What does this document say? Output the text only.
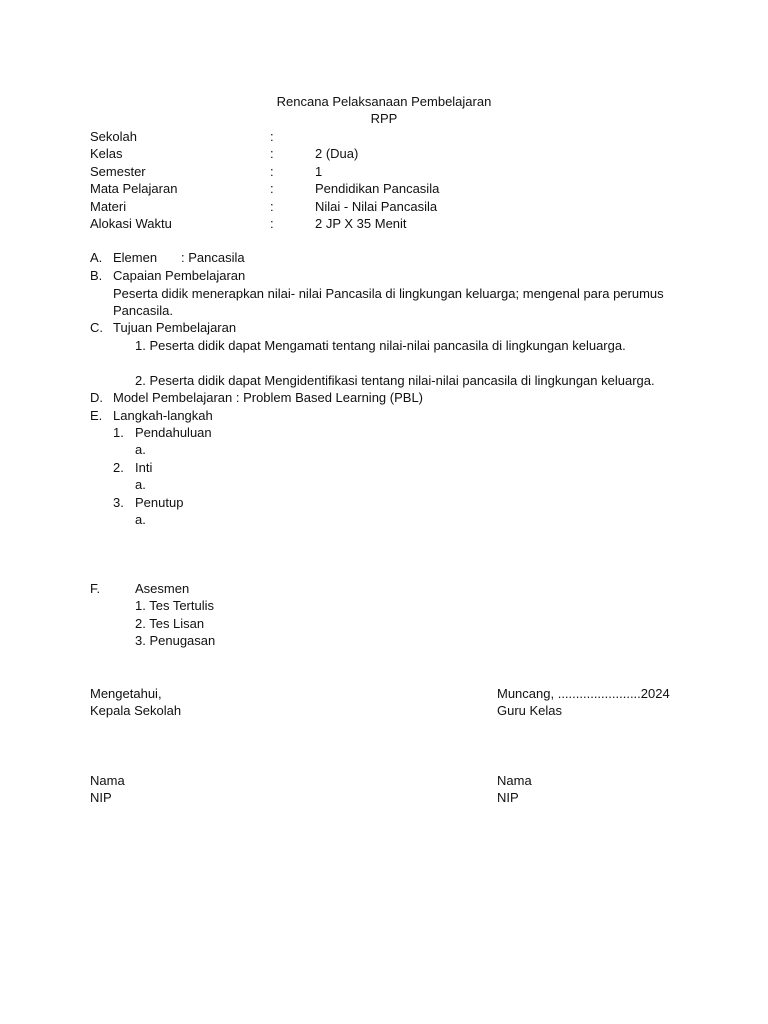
Rencana Pelaksanaan Pembelajaran
RPP
Sekolah	:
Kelas	:	2 (Dua)
Semester	:	1
Mata Pelajaran	:	Pendidikan Pancasila
Materi	:	Nilai - Nilai Pancasila
Alokasi Waktu	:	2 JP X 35 Menit
A. Elemen : Pancasila
B. Capaian Pembelajaran
Peserta didik menerapkan nilai- nilai Pancasila di lingkungan keluarga; mengenal para perumus
Pancasila.
C. Tujuan Pembelajaran
1. Peserta didik dapat Mengamati tentang nilai-nilai pancasila di lingkungan keluarga.
2. Peserta didik dapat Mengidentifikasi tentang nilai-nilai pancasila di lingkungan keluarga.
D. Model Pembelajaran : Problem Based Learning (PBL)
E. Langkah-langkah
1. Pendahuluan
a.
2. Inti
a.
3. Penutup
a.
F.	Asesmen
1. Tes Tertulis
2. Tes Lisan
3. Penugasan
Mengetahui,
Kepala Sekolah
Nama
NIP
Muncang, .......................2024
Guru Kelas
Nama
NIP
